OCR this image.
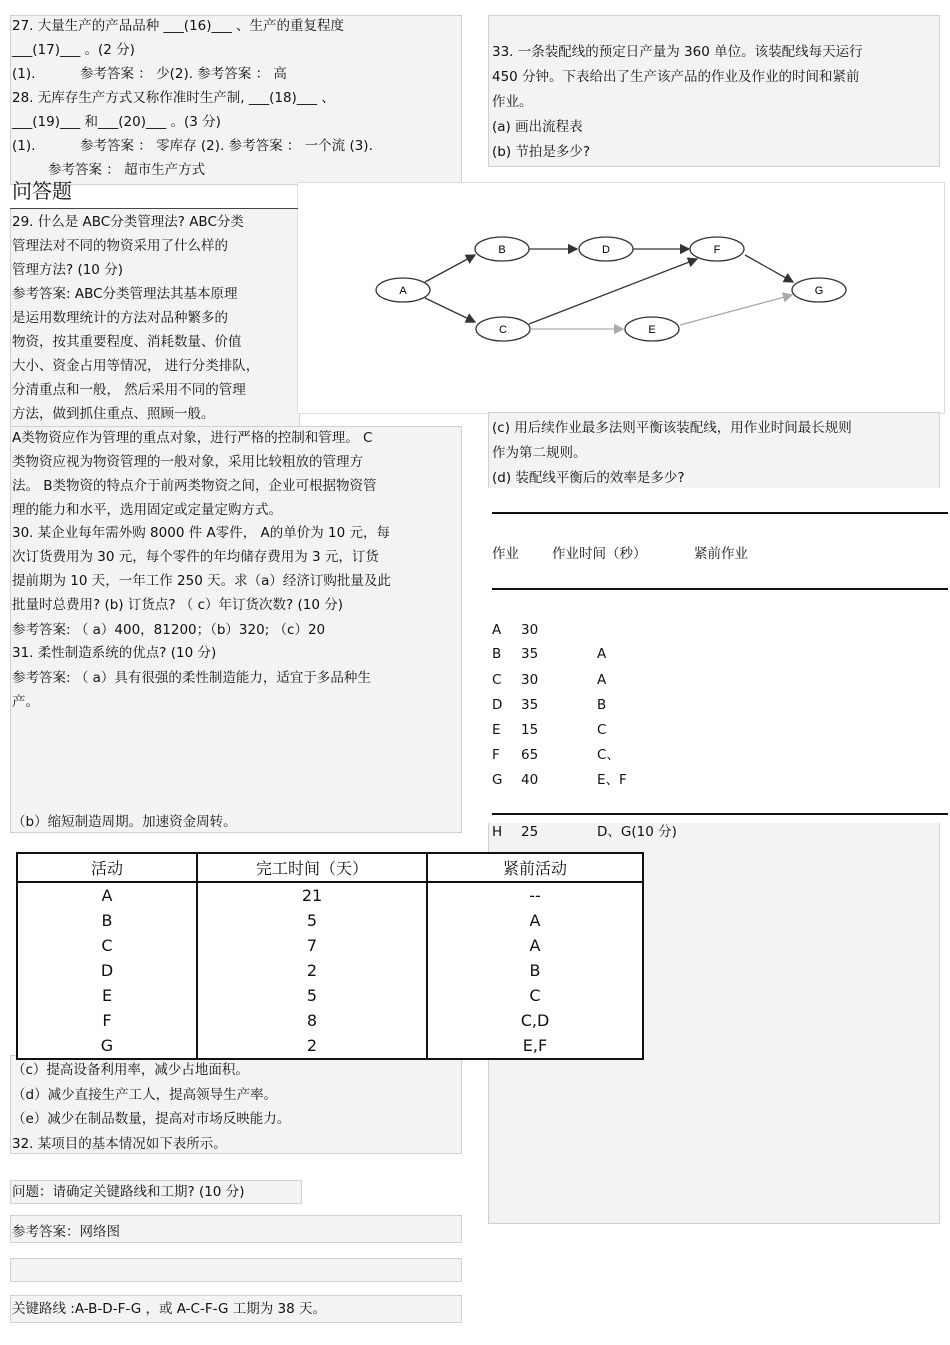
27. 大量生产的产品品种 ___(16)___ 、生产的重复程度
___(17)___ 。(2 分)
(1).	参考答案 ： 少(2). 参考答案 ： 高
28. 无库存生产方式又称作准时生产制, ___(18)___ 、
___(19)___ 和___(20)___ 。(3 分)
(1).	参考答案 ： 零库存 (2). 参考答案 ： 一个流 (3).
参考答案 ： 超市生产方式
问答题
29. 什么是 ABC分类管理法? ABC分类
管理法对不同的物资采用了什么样的
管理方法? (10 分)
参考答案: ABC分类管理法其基本原理
是运用数理统计的方法对品种繁多的
物资，按其重要程度、消耗数量、价值
大小、资金占用等情况， 进行分类排队，
分清重点和一般， 然后采用不同的管理
方法，做到抓住重点、照顾一般。
A类物资应作为管理的重点对象，进行严格的控制和管理。 C
类物资应视为物资管理的一般对象，采用比较粗放的管理方
法。 B类物资的特点介于前两类物资之间，企业可根据物资管
理的能力和水平，选用固定或定量定购方式。
30. 某企业每年需外购 8000 件 A零件， A的单价为 10 元，每
次订货费用为 30 元，每个零件的年均储存费用为 3 元，订货
提前期为 10 天，一年工作 250 天。求（a）经济订购批量及此
批量时总费用? (b) 订货点? （ c）年订货次数? (10 分)
参考答案: （ a）400，81200；（b）320; （c）20
31. 柔性制造系统的优点? (10 分)
参考答案: （ a）具有很强的柔性制造能力，适宜于多品种生
产。
（b）缩短制造周期。加速资金周转。
活动	完工时间（天）	紧前活动
A	21	--
B	5	A
C	7	A
D	2	B
E	5	C
F	8	C,D
G	2	E,F
（c）提高设备利用率，减少占地面积。
（d）减少直接生产工人，提高领导生产率。
（e）减少在制品数量，提高对市场反映能力。
32. 某项目的基本情况如下表所示。
问题：请确定关键路线和工期? (10 分)
参考答案：网络图
关键路线 :A-B-D-F-G ，或 A-C-F-G 工期为 38 天。
33. 一条装配线的预定日产量为 360 单位。该装配线每天运行
450 分钟。下表给出了生产该产品的作业及作业的时间和紧前
作业。
(a) 画出流程表
(b) 节拍是多少?
A
B
C
D
E
F
G
(c) 用后续作业最多法则平衡该装配线，用作业时间最长规则
作为第二规则。
(d) 装配线平衡后的效率是多少?
作业 作业时间（秒）	紧前作业
A 30
B 35	A
C 30	A
D 35	B
E 15	C
F 65	C、
G 40	E、F
H 25	D、G(10 分)
